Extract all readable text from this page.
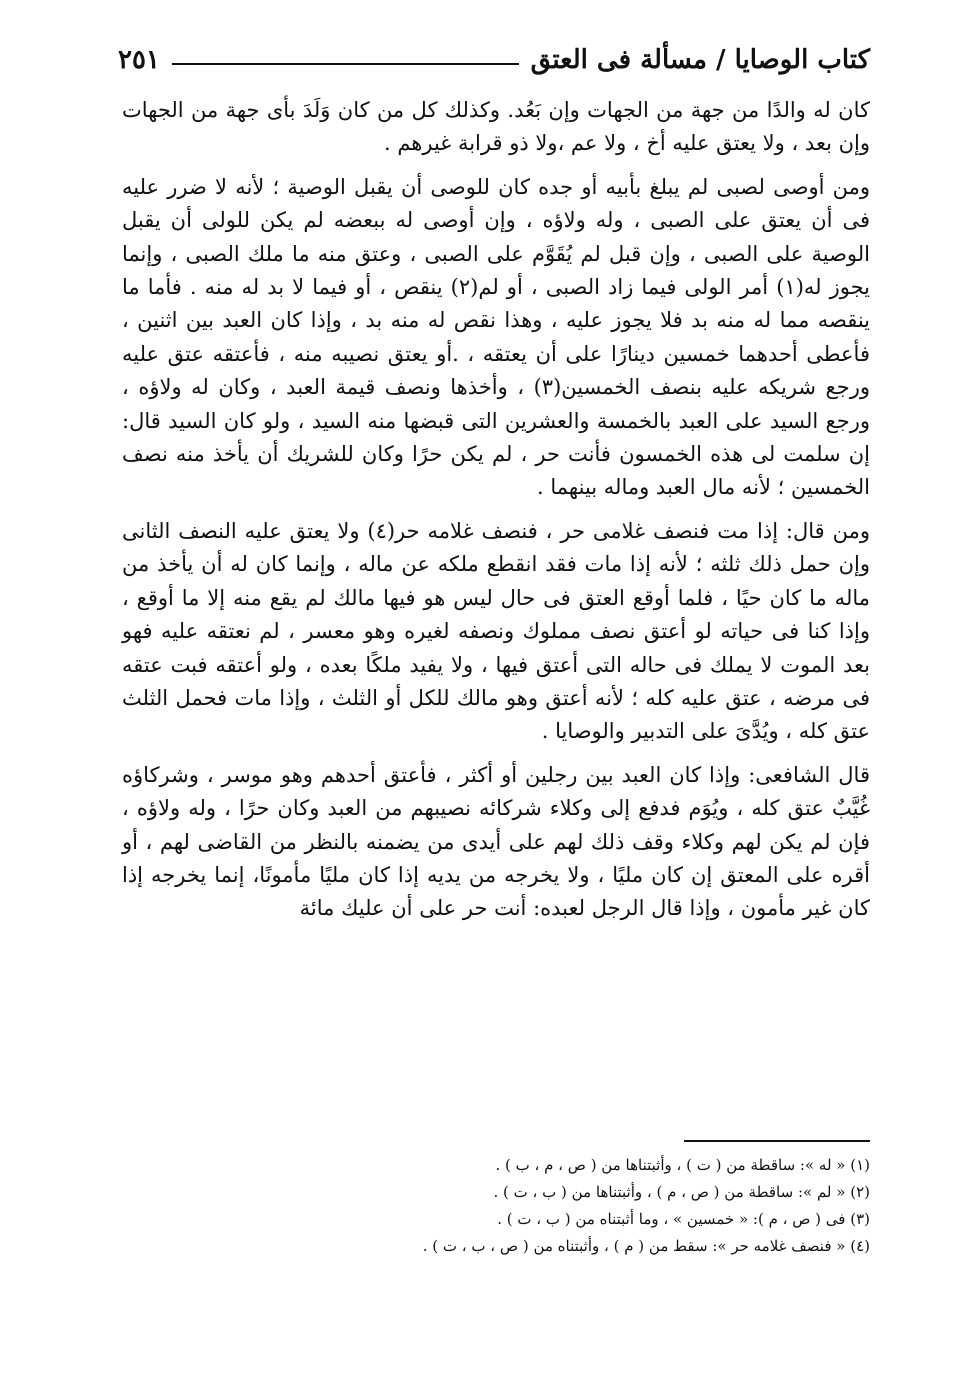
كتاب الوصايا / مسألة فى العتق
٢٥١

كان له والدًا من جهة من الجهات وإن بَعُد. وكذلك كل من كان وَلَدَ بأى جهة من الجهات وإن بعد ، ولا يعتق عليه أخ ، ولا عم ،ولا ذو قرابة غيرهم .

ومن أوصى لصبى لم يبلغ بأبيه أو جده كان للوصى أن يقبل الوصية ؛ لأنه لا ضرر عليه فى أن يعتق على الصبى ، وله ولاؤه ، وإن أوصى له ببعضه لم يكن للولى أن يقبل الوصية على الصبى ، وإن قبل لم يُقَوَّم على الصبى ، وعتق منه ما ملك الصبى ، وإنما يجوز له(١) أمر الولى فيما زاد الصبى ، أو لم(٢) ينقص ، أو فيما لا بد له منه . فأما ما ينقصه مما له منه بد فلا يجوز عليه ، وهذا نقص له منه بد ، وإذا كان العبد بين اثنين ، فأعطى أحدهما خمسين دينارًا على أن يعتقه ، .أو يعتق نصيبه منه ، فأعتقه عتق عليه ورجع شريكه عليه بنصف الخمسين(٣) ، وأخذها ونصف قيمة العبد ، وكان له ولاؤه ، ورجع السيد على العبد بالخمسة والعشرين التى قبضها منه السيد ، ولو كان السيد قال: إن سلمت لى هذه الخمسون فأنت حر ، لم يكن حرًا وكان للشريك أن يأخذ منه نصف الخمسين ؛ لأنه مال العبد وماله بينهما .

ومن قال: إذا مت فنصف غلامى حر ، فنصف غلامه حر(٤) ولا يعتق عليه النصف الثانى وإن حمل ذلك ثلثه ؛ لأنه إذا مات فقد انقطع ملكه عن ماله ، وإنما كان له أن يأخذ من ماله ما كان حيًا ، فلما أوقع العتق فى حال ليس هو فيها مالك لم يقع منه إلا ما أوقع ، وإذا كنا فى حياته لو أعتق نصف مملوك ونصفه لغيره وهو معسر ، لم نعتقه عليه فهو بعد الموت لا يملك فى حاله التى أعتق فيها ، ولا يفيد ملكًا بعده ، ولو أعتقه فبت عتقه فى مرضه ، عتق عليه كله ؛ لأنه أعتق وهو مالك للكل أو الثلث ، وإذا مات فحمل الثلث عتق كله ، ويُدَّىَ على التدبير والوصايا .

قال الشافعى: وإذا كان العبد بين رجلين أو أكثر ، فأعتق أحدهم وهو موسر ، وشركاؤه غُيَّبٌ عتق كله ، ويُوَم فدفع إلى وكلاء شركائه نصيبهم من العبد وكان حرًا ، وله ولاؤه ، فإن لم يكن لهم وكلاء وقف ذلك لهم على أيدى من يضمنه بالنظر من القاضى لهم ، أو أقره على المعتق إن كان مليًا ، ولا يخرجه من يديه إذا كان مليًا مأمونًا، إنما يخرجه إذا كان غير مأمون ، وإذا قال الرجل لعبده: أنت حر على أن عليك مائة

(١) « له »: ساقطة من ( ت ) ، وأثبتناها من ( ص ، م ، ب ) .
(٢) « لم »: ساقطة من ( ص ، م ) ، وأثبتناها من ( ب ، ت ) .
(٣) فى ( ص ، م ): « خمسين » ، وما أثبتناه من ( ب ، ت ) .
(٤) « فنصف غلامه حر »: سقط من ( م ) ، وأثبتناه من ( ص ، ب ، ت ) .
